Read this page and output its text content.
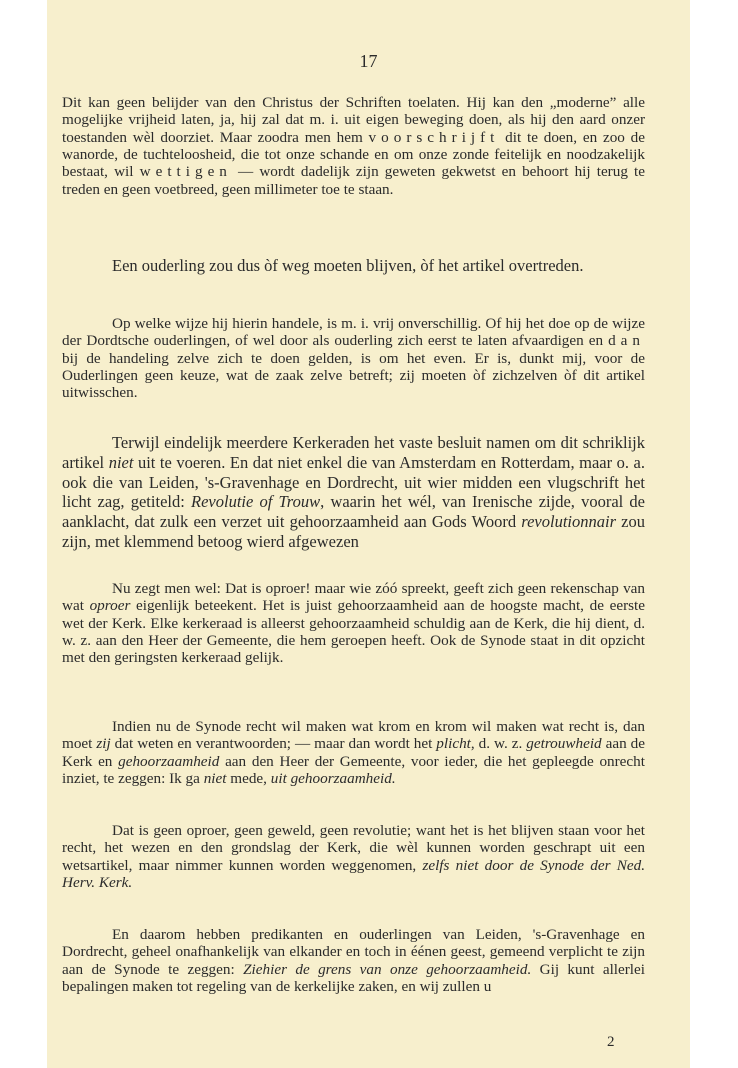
17
Dit kan geen belijder van den Christus der Schriften toelaten. Hij kan den „moderne” alle mogelijke vrijheid laten, ja, hij zal dat m. i. uit eigen beweging doen, als hij den aard onzer toestanden wèl doorziet. Maar zoodra men hem voorschrijft dit te doen, en zoo de wanorde, de tuchteloosheid, die tot onze schande en om onze zonde feitelijk en noodzakelijk bestaat, wil wettigen — wordt dadelijk zijn geweten gekwetst en behoort hij terug te treden en geen voetbreed, geen millimeter toe te staan.
Een ouderling zou dus òf weg moeten blijven, òf het artikel overtreden.
Op welke wijze hij hierin handele, is m. i. vrij onverschillig. Of hij het doe op de wijze der Dordtsche ouderlingen, of wel door als ouderling zich eerst te laten afvaardigen en dan bij de handeling zelve zich te doen gelden, is om het even. Er is, dunkt mij, voor de Ouderlingen geen keuze, wat de zaak zelve betreft; zij moeten òf zichzelven òf dit artikel uitwisschen.
Terwijl eindelijk meerdere Kerkeraden het vaste besluit namen om dit schriklijk artikel niet uit te voeren. En dat niet enkel die van Amsterdam en Rotterdam, maar o. a. ook die van Leiden, 's-Gravenhage en Dordrecht, uit wier midden een vlugschrift het licht zag, getiteld: Revolutie of Trouw, waarin het wél, van Irenische zijde, vooral de aanklacht, dat zulk een verzet uit gehoorzaamheid aan Gods Woord revolutionnair zou zijn, met klemmend betoog wierd afgewezen
Nu zegt men wel: Dat is oproer! maar wie zóó spreekt, geeft zich geen rekenschap van wat oproer eigenlijk beteekent. Het is juist gehoorzaamheid aan de hoogste macht, de eerste wet der Kerk. Elke kerkeraad is alleerst gehoorzaamheid schuldig aan de Kerk, die hij dient, d. w. z. aan den Heer der Gemeente, die hem geroepen heeft. Ook de Synode staat in dit opzicht met den geringsten kerkeraad gelijk.
Indien nu de Synode recht wil maken wat krom en krom wil maken wat recht is, dan moet zij dat weten en verantwoorden; — maar dan wordt het plicht, d. w. z. getrouwheid aan de Kerk en gehoorzaamheid aan den Heer der Gemeente, voor ieder, die het gepleegde onrecht inziet, te zeggen: Ik ga niet mede, uit gehoorzaamheid.
Dat is geen oproer, geen geweld, geen revolutie; want het is het blijven staan voor het recht, het wezen en den grondslag der Kerk, die wèl kunnen worden geschrapt uit een wetsartikel, maar nimmer kunnen worden weggenomen, zelfs niet door de Synode der Ned. Herv. Kerk.
En daarom hebben predikanten en ouderlingen van Leiden, 's-Gravenhage en Dordrecht, geheel onafhankelijk van elkander en toch in éénen geest, gemeend verplicht te zijn aan de Synode te zeggen: Ziehier de grens van onze gehoorzaamheid. Gij kunt allerlei bepalingen maken tot regeling van de kerkelijke zaken, en wij zullen u
2
